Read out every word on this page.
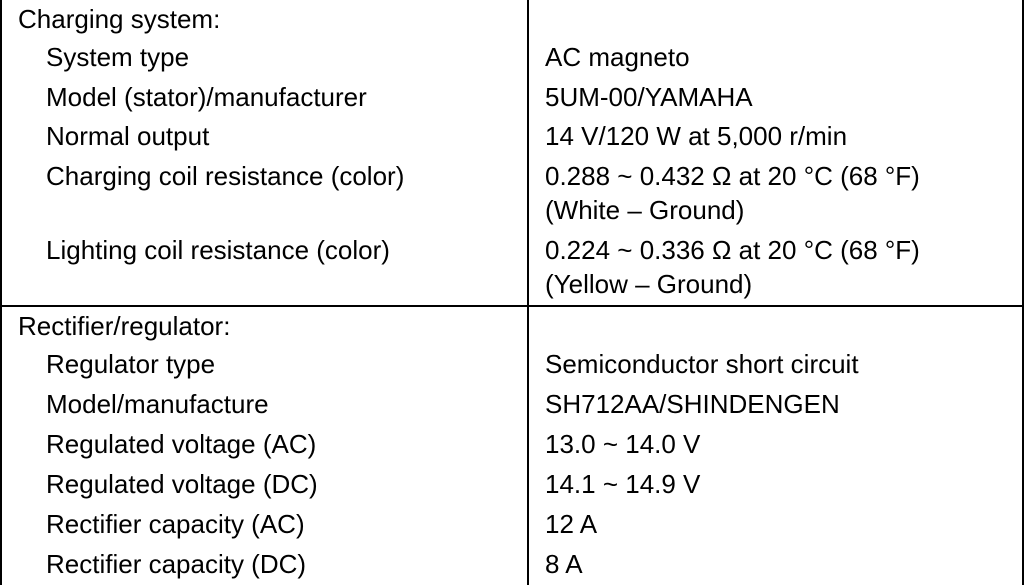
Charging system:
System type	AC magneto
Model (stator)/manufacturer	5UM-00/YAMAHA
Normal output	14 V/120 W at 5,000 r/min
Charging coil resistance (color)	0.288 ~ 0.432 Ω at 20 °C (68 °F)
(White – Ground)
Lighting coil resistance (color)	0.224 ~ 0.336 Ω at 20 °C (68 °F)
(Yellow – Ground)
Rectifier/regulator:
Regulator type	Semiconductor short circuit
Model/manufacture	SH712AA/SHINDENGEN
Regulated voltage (AC)	13.0 ~ 14.0 V
Regulated voltage (DC)	14.1 ~ 14.9 V
Rectifier capacity (AC)	12 A
Rectifier capacity (DC)	8 A
